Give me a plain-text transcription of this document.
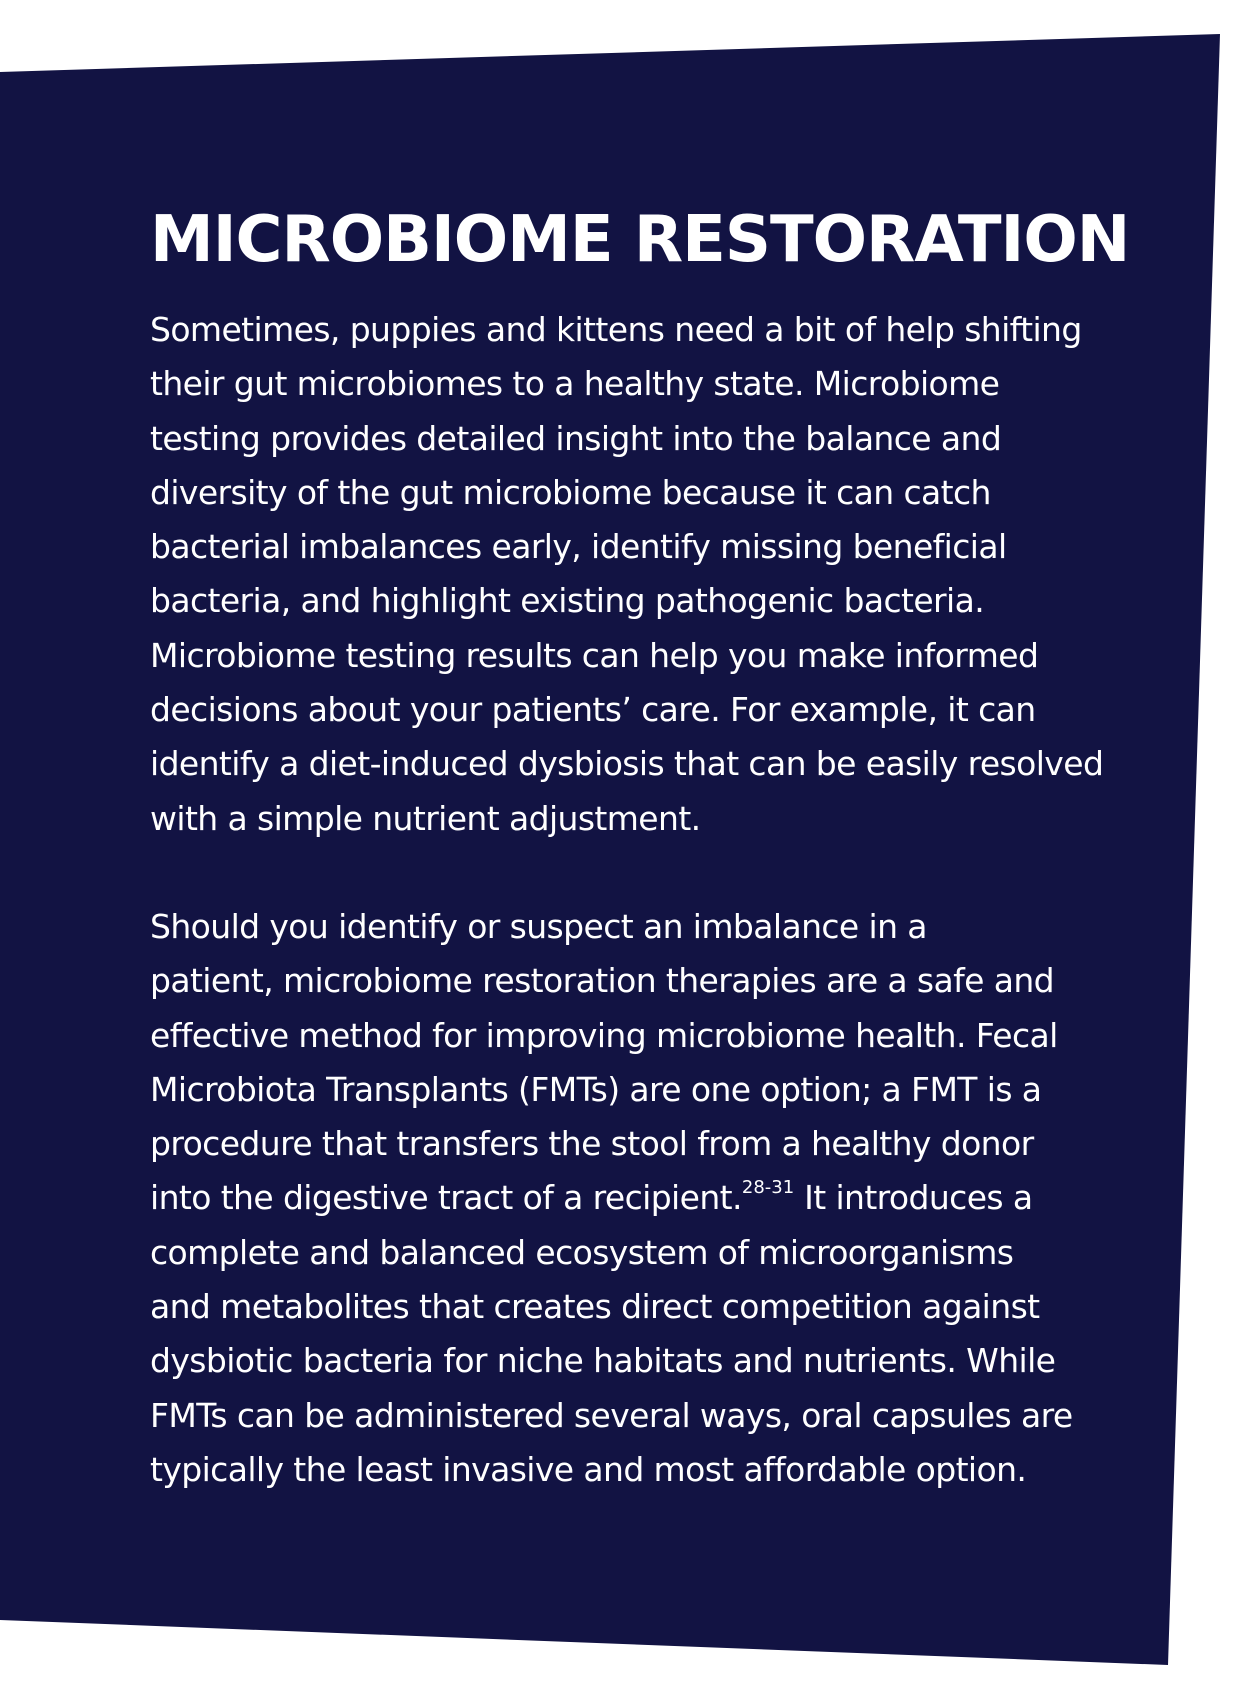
MICROBIOME RESTORATION

Sometimes, puppies and kittens need a bit of help shifting
their gut microbiomes to a healthy state. Microbiome
testing provides detailed insight into the balance and
diversity of the gut microbiome because it can catch
bacterial imbalances early, identify missing beneficial
bacteria, and highlight existing pathogenic bacteria.
Microbiome testing results can help you make informed
decisions about your patients’ care. For example, it can
identify a diet-induced dysbiosis that can be easily resolved
with a simple nutrient adjustment.

Should you identify or suspect an imbalance in a
patient, microbiome restoration therapies are a safe and
effective method for improving microbiome health. Fecal
Microbiota Transplants (FMTs) are one option; a FMT is a
procedure that transfers the stool from a healthy donor
into the digestive tract of a recipient.$^{28-31}$ It introduces a
complete and balanced ecosystem of microorganisms
and metabolites that creates direct competition against
dysbiotic bacteria for niche habitats and nutrients. While
FMTs can be administered several ways, oral capsules are
typically the least invasive and most affordable option.
